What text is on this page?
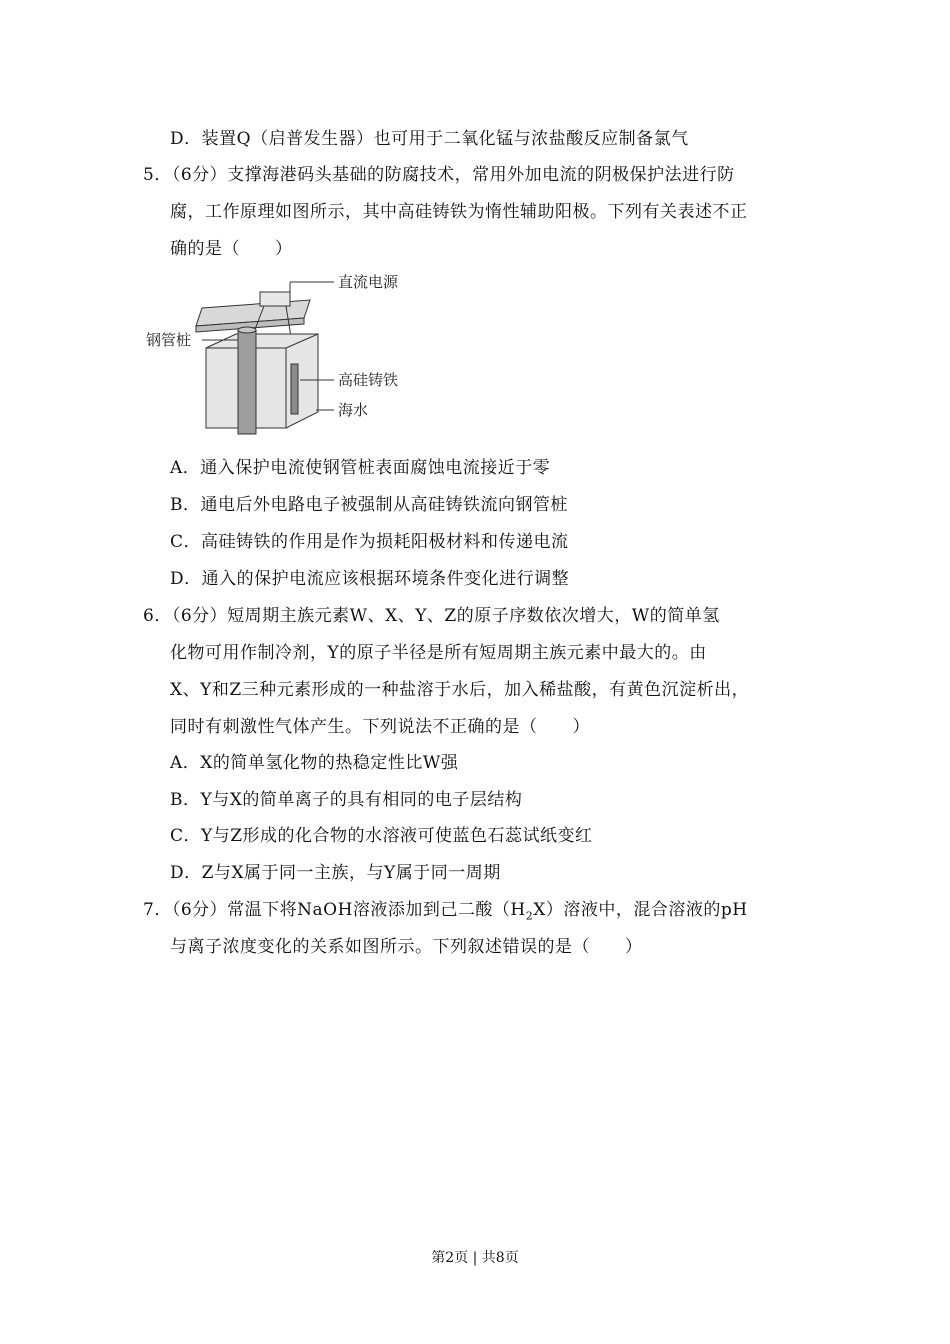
D．装置Q（启普发生器）也可用于二氧化锰与浓盐酸反应制备氯气
5．（6分）支撑海港码头基础的防腐技术，常用外加电流的阴极保护法进行防
腐，工作原理如图所示，其中高硅铸铁为惰性辅助阳极。下列有关表述不正
确的是（　　）
直流电源
钢管桩
高硅铸铁
海水
A．通入保护电流使钢管桩表面腐蚀电流接近于零
B．通电后外电路电子被强制从高硅铸铁流向钢管桩
C．高硅铸铁的作用是作为损耗阳极材料和传递电流
D．通入的保护电流应该根据环境条件变化进行调整
6．（6分）短周期主族元素W、X、Y、Z的原子序数依次增大，W的简单氢
化物可用作制冷剂，Y的原子半径是所有短周期主族元素中最大的。由
X、Y和Z三种元素形成的一种盐溶于水后，加入稀盐酸，有黄色沉淀析出，
同时有刺激性气体产生。下列说法不正确的是（　　）
A．X的简单氢化物的热稳定性比W强
B．Y与X的简单离子的具有相同的电子层结构
C．Y与Z形成的化合物的水溶液可使蓝色石蕊试纸变红
D．Z与X属于同一主族，与Y属于同一周期
7．（6分）常温下将NaOH溶液添加到己二酸$(H_2X)$溶液中，混合溶液的pH
与离子浓度变化的关系如图所示。下列叙述错误的是（　　）
第2页 | 共8页
